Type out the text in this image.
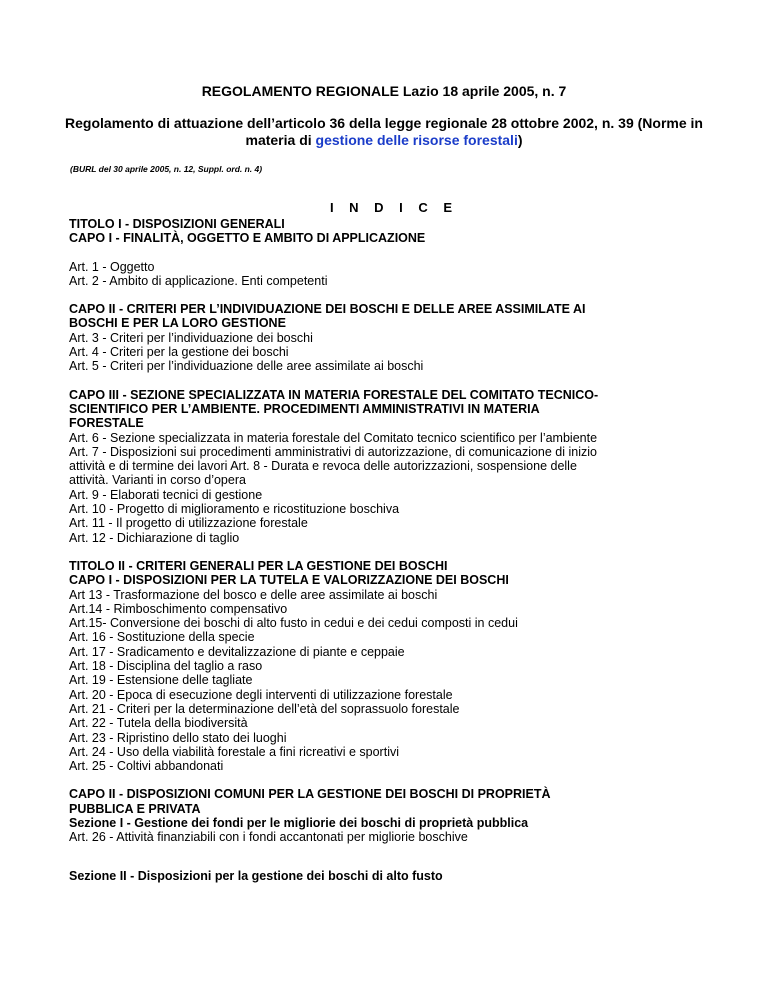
REGOLAMENTO REGIONALE Lazio 18 aprile 2005, n. 7
Regolamento di attuazione dell’articolo 36 della legge regionale 28 ottobre 2002, n. 39 (Norme in materia di gestione delle risorse forestali)
(BURL del 30 aprile 2005, n. 12, Suppl. ord. n. 4)
I N D I C E
TITOLO I - DISPOSIZIONI GENERALI
CAPO I - FINALITÀ, OGGETTO E AMBITO DI APPLICAZIONE
Art. 1 - Oggetto
Art. 2 - Ambito di applicazione. Enti competenti
CAPO II - CRITERI PER L’INDIVIDUAZIONE DEI BOSCHI E DELLE AREE ASSIMILATE AI
BOSCHI E PER LA LORO GESTIONE
Art. 3 - Criteri per l’individuazione dei boschi
Art. 4 - Criteri per la gestione dei boschi
Art. 5 - Criteri per l’individuazione delle aree assimilate ai boschi
CAPO III - SEZIONE SPECIALIZZATA IN MATERIA FORESTALE DEL COMITATO TECNICO-
SCIENTIFICO PER L’AMBIENTE. PROCEDIMENTI AMMINISTRATIVI IN MATERIA
FORESTALE
Art. 6 - Sezione specializzata in materia forestale del Comitato tecnico scientifico per l’ambiente
Art. 7 - Disposizioni sui procedimenti amministrativi di autorizzazione, di comunicazione di inizio
attività e di termine dei lavori Art. 8 - Durata e revoca delle autorizzazioni, sospensione delle
attività. Varianti in corso d’opera
Art. 9 - Elaborati tecnici di gestione
Art. 10 - Progetto di miglioramento e ricostituzione boschiva
Art. 11 - Il progetto di utilizzazione forestale
Art. 12 - Dichiarazione di taglio
TITOLO II - CRITERI GENERALI PER LA GESTIONE DEI BOSCHI
CAPO I - DISPOSIZIONI PER LA TUTELA E VALORIZZAZIONE DEI BOSCHI
Art 13 - Trasformazione del bosco e delle aree assimilate ai boschi
Art.14 - Rimboschimento compensativo
Art.15- Conversione dei boschi di alto fusto in cedui e dei cedui composti in cedui
Art. 16 - Sostituzione della specie
Art. 17 - Sradicamento e devitalizzazione di piante e ceppaie
Art. 18 - Disciplina del taglio a raso
Art. 19 - Estensione delle tagliate
Art. 20 - Epoca di esecuzione degli interventi di utilizzazione forestale
Art. 21 - Criteri per la determinazione dell’età del soprassuolo forestale
Art. 22 - Tutela della biodiversità
Art. 23 - Ripristino dello stato dei luoghi
Art. 24 - Uso della viabilità forestale a fini ricreativi e sportivi
Art. 25 - Coltivi abbandonati
CAPO II - DISPOSIZIONI COMUNI PER LA GESTIONE DEI BOSCHI DI PROPRIETÀ
PUBBLICA E PRIVATA
Sezione I - Gestione dei fondi per le migliorie dei boschi di proprietà pubblica
Art. 26 - Attività finanziabili con i fondi accantonati per migliorie boschive
Sezione II - Disposizioni per la gestione dei boschi di alto fusto
